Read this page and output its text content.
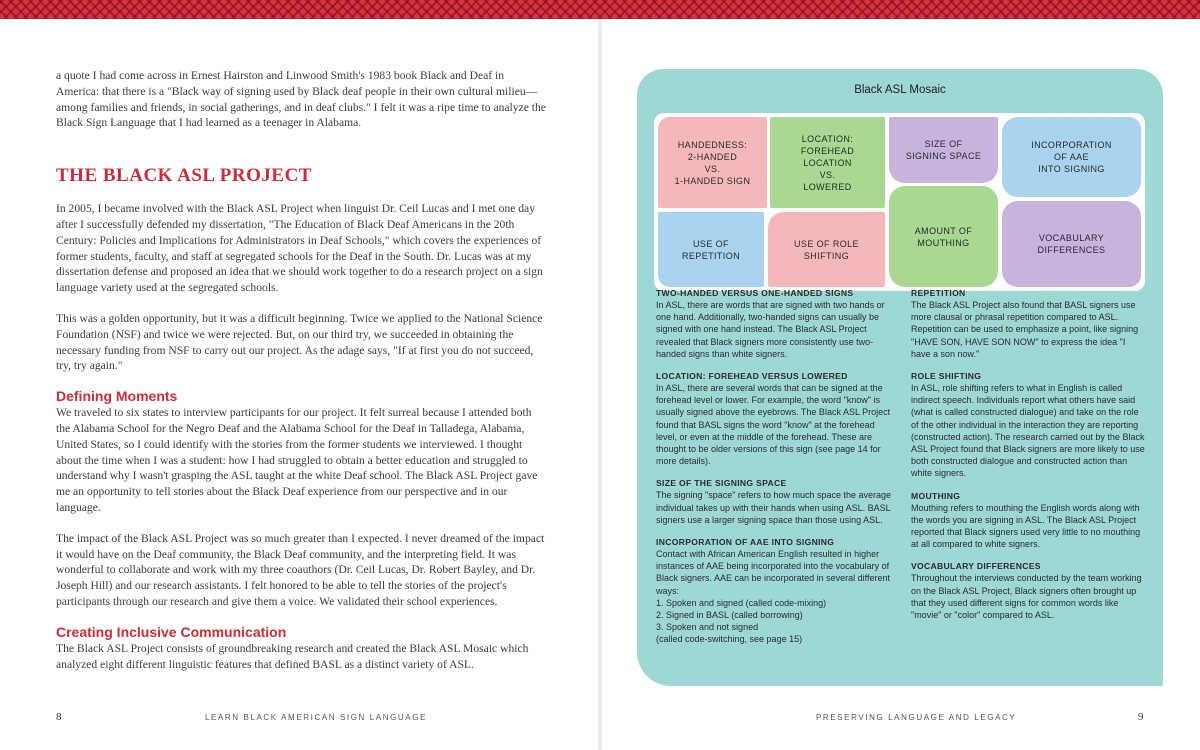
a quote I had come across in Ernest Hairston and Linwood Smith's 1983 book Black and Deaf in America: that there is a "Black way of signing used by Black deaf people in their own cultural milieu—among families and friends, in social gatherings, and in deaf clubs." I felt it was a ripe time to analyze the Black Sign Language that I had learned as a teenager in Alabama.

THE BLACK ASL PROJECT

In 2005, I became involved with the Black ASL Project when linguist Dr. Ceil Lucas and I met one day after I successfully defended my dissertation, "The Education of Black Deaf Americans in the 20th Century: Policies and Implications for Administrators in Deaf Schools," which covers the experiences of former students, faculty, and staff at segregated schools for the Deaf in the South. Dr. Lucas was at my dissertation defense and proposed an idea that we should work together to do a research project on a sign language variety used at the segregated schools.

This was a golden opportunity, but it was a difficult beginning. Twice we applied to the National Science Foundation (NSF) and twice we were rejected. But, on our third try, we succeeded in obtaining the necessary funding from NSF to carry out our project. As the adage says, "If at first you do not succeed, try, try again."

Defining Moments

We traveled to six states to interview participants for our project. It felt surreal because I attended both the Alabama School for the Negro Deaf and the Alabama School for the Deaf in Talladega, Alabama, United States, so I could identify with the stories from the former students we interviewed. I thought about the time when I was a student: how I had struggled to obtain a better education and struggled to understand why I wasn't grasping the ASL taught at the white Deaf school. The Black ASL Project gave me an opportunity to tell stories about the Black Deaf experience from our perspective and in our language.

The impact of the Black ASL Project was so much greater than I expected. I never dreamed of the impact it would have on the Deaf community, the Black Deaf community, and the interpreting field. It was wonderful to collaborate and work with my three coauthors (Dr. Ceil Lucas, Dr. Robert Bayley, and Dr. Joseph Hill) and our research assistants. I felt honored to be able to tell the stories of the project's participants through our research and give them a voice. We validated their school experiences.

Creating Inclusive Communication

The Black ASL Project consists of groundbreaking research and created the Black ASL Mosaic which analyzed eight different linguistic features that defined BASL as a distinct variety of ASL.

8	LEARN BLACK AMERICAN SIGN LANGUAGE	PRESERVING LANGUAGE AND LEGACY	9
Black ASL Mosaic
HANDEDNESS:
2-HANDED
VS.
1-HANDED SIGN
LOCATION:
FOREHEAD LOCATION
VS.
LOWERED
SIZE OF
SIGNING SPACE
INCORPORATION
OF AAE
INTO SIGNING
USE OF
REPETITION
USE OF ROLE
SHIFTING
AMOUNT OF
MOUTHING	VOCABULARY
DIFFERENCES

TWO-HANDED VERSUS ONE-HANDED SIGNS

In ASL, there are words that are signed with two hands or one hand. Additionally, two-handed signs can usually be signed with one hand instead. The Black ASL Project revealed that Black signers more consistently use two-handed signs than white signers.

LOCATION: FOREHEAD VERSUS LOWERED

In ASL, there are several words that can be signed at the forehead level or lower. For example, the word "know" is usually signed above the eyebrows. The Black ASL Project found that BASL signs the word "know" at the forehead level, or even at the middle of the forehead. These are thought to be older versions of this sign (see page 14 for more details).

SIZE OF THE SIGNING SPACE

The signing "space" refers to how much space the average individual takes up with their hands when using ASL. BASL signers use a larger signing space than those using ASL.

INCORPORATION OF AAE INTO SIGNING

Contact with African American English resulted in higher instances of AAE being incorporated into the vocabulary of Black signers. AAE can be incorporated in several different ways:
1. Spoken and signed (called code-mixing)
2. Signed in BASL (called borrowing)
3. Spoken and not signed
(called code-switching, see page 15)

REPETITION

The Black ASL Project also found that BASL signers use more clausal or phrasal repetition compared to ASL. Repetition can be used to emphasize a point, like signing "HAVE SON, HAVE SON NOW" to express the idea "I have a son now."

ROLE SHIFTING

In ASL, role shifting refers to what in English is called indirect speech. Individuals report what others have said (what is called constructed dialogue) and take on the role of the other individual in the interaction they are reporting (constructed action). The research carried out by the Black ASL Project found that Black signers are more likely to use both constructed dialogue and constructed action than white signers.

MOUTHING

Mouthing refers to mouthing the English words along with the words you are signing in ASL. The Black ASL Project reported that Black signers used very little to no mouthing at all compared to white signers.

VOCABULARY DIFFERENCES

Throughout the interviews conducted by the team working on the Black ASL Project, Black signers often brought up that they used different signs for common words like "movie" or "color" compared to ASL.
